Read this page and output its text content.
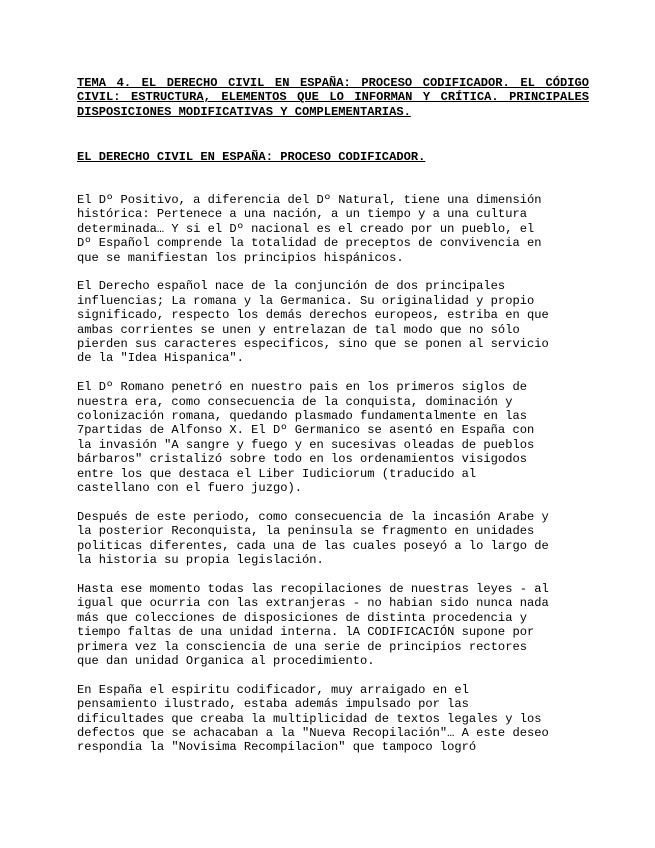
TEMA 4. EL DERECHO CIVIL EN ESPAÑA: PROCESO CODIFICADOR. EL CÓDIGO CIVIL: ESTRUCTURA, ELEMENTOS QUE LO INFORMAN Y CRÍTICA. PRINCIPALES DISPOSICIONES MODIFICATIVAS Y COMPLEMENTARIAS.

EL DERECHO CIVIL EN ESPAÑA: PROCESO CODIFICADOR.

El Dº Positivo, a diferencia del Dº Natural, tiene una dimensión
histórica: Pertenece a una nación, a un tiempo y a una cultura
determinada… Y si el Dº nacional es el creado por un pueblo, el
Dº Español comprende la totalidad de preceptos de convivencia en
que se manifiestan los principios hispánicos.

El Derecho español nace de la conjunción de dos principales
influencias; La romana y la Germanica. Su originalidad y propio
significado, respecto los demás derechos europeos, estriba en que
ambas corrientes se unen y entrelazan de tal modo que no sólo
pierden sus caracteres especificos, sino que se ponen al servicio
de la "Idea Hispanica".

El Dº Romano penetró en nuestro pais en los primeros siglos de
nuestra era, como consecuencia de la conquista, dominación y
colonización romana, quedando plasmado fundamentalmente en las
7partidas de Alfonso X. El Dº Germanico se asentó en España con
la invasión "A sangre y fuego y en sucesivas oleadas de pueblos
bárbaros" cristalizó sobre todo en los ordenamientos visigodos
entre los que destaca el Liber Iudiciorum (traducido al
castellano con el fuero juzgo).

Después de este periodo, como consecuencia de la incasión Arabe y
la posterior Reconquista, la peninsula se fragmento en unidades
politicas diferentes, cada una de las cuales poseyó a lo largo de
la historia su propia legislación.

Hasta ese momento todas las recopilaciones de nuestras leyes - al
igual que ocurria con las extranjeras - no habian sido nunca nada
más que colecciones de disposiciones de distinta procedencia y
tiempo faltas de una unidad interna. lA CODIFICACIÓN supone por
primera vez la consciencia de una serie de principios rectores
que dan unidad Organica al procedimiento.

En España el espiritu codificador, muy arraigado en el
pensamiento ilustrado, estaba además impulsado por las
dificultades que creaba la multiplicidad de textos legales y los
defectos que se achacaban a la "Nueva Recopilación"… A este deseo
respondia la "Novisima Recompilacion" que tampoco logró
